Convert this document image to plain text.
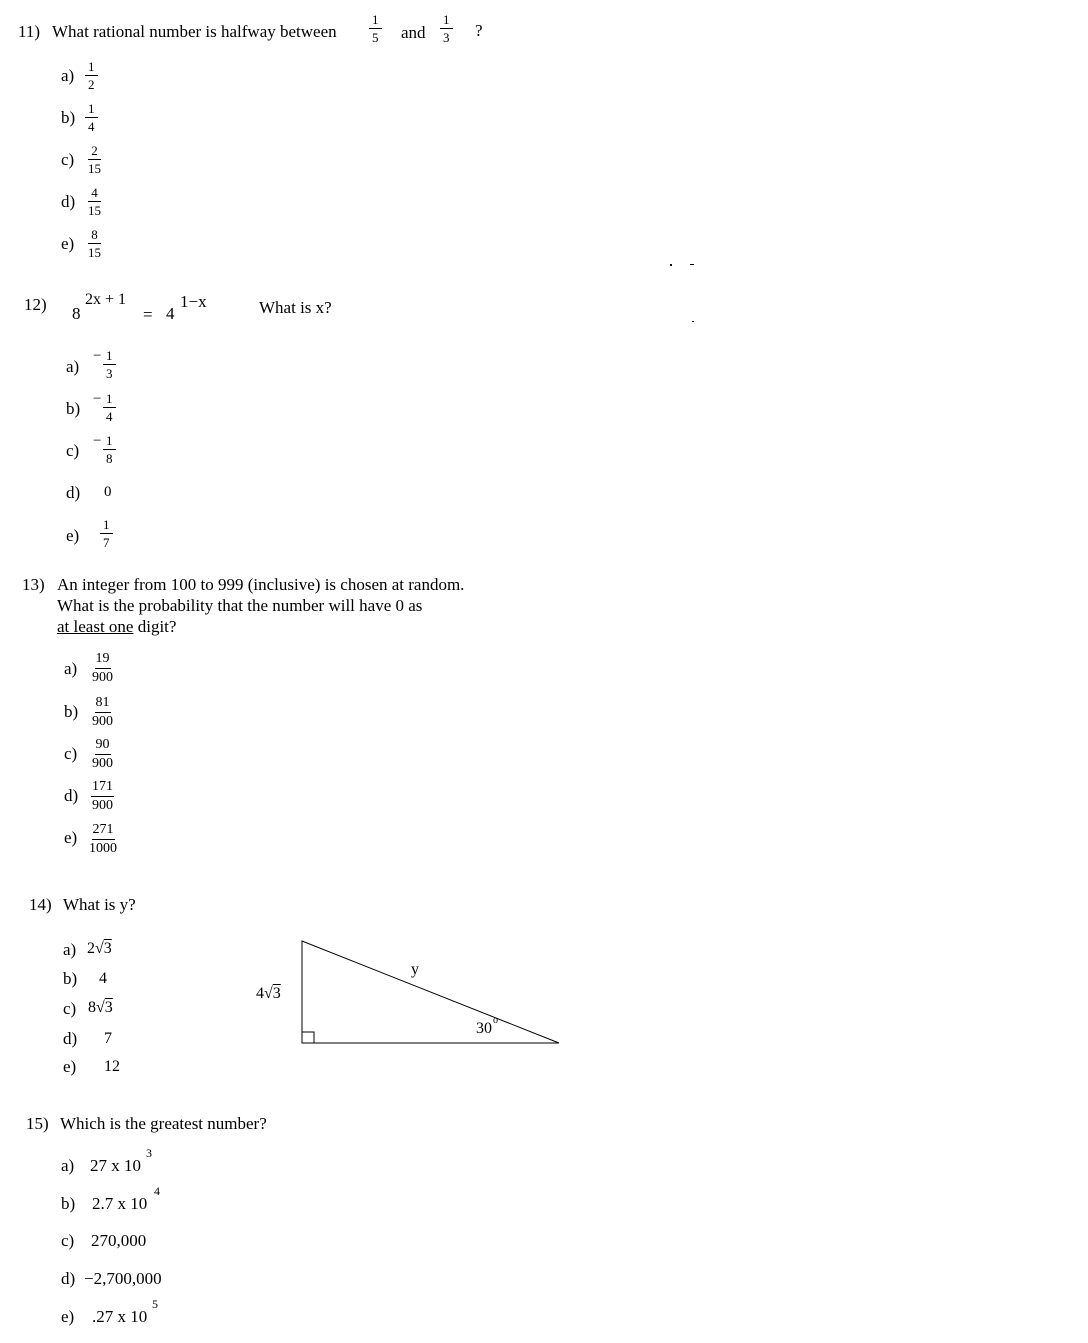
11) What rational number is halfway between $\frac{1}{5}$ and $\frac{1}{3}$ ?
$a) \frac{1}{2}$
$b) \frac{1}{4}$
$c) \frac{2}{15}$
$d) \frac{4}{15}$
$e) \frac{8}{15}$
12) 8
2x + 1
= 4
1−x	What is x?
a)
− $\frac{1}{3}$
$b) - \frac{1}{4}$
$c) - \frac{1}{8}$
d) 0
$e) \frac{1}{7}$
13) An integer from 100 to 999 (inclusive) is chosen at random.
What is the probability that the number will have 0 as
at least one digit?
$a) \frac{19}{900}$
$b) \frac{81}{900}$
$c) \frac{90}{900}$
$d) \frac{171}{900}$
$e) \frac{271}{1000}$
14) What is y?
a) 2√3
b) 4
c) 8√3
d) 7
e) 12
4√3
y
30 o
15) Which is the greatest number?
a) 27 x 10
3
b) 2.7 x 10
4
c) 270,000
d) −2,700,000
e) .27 x 10
5
